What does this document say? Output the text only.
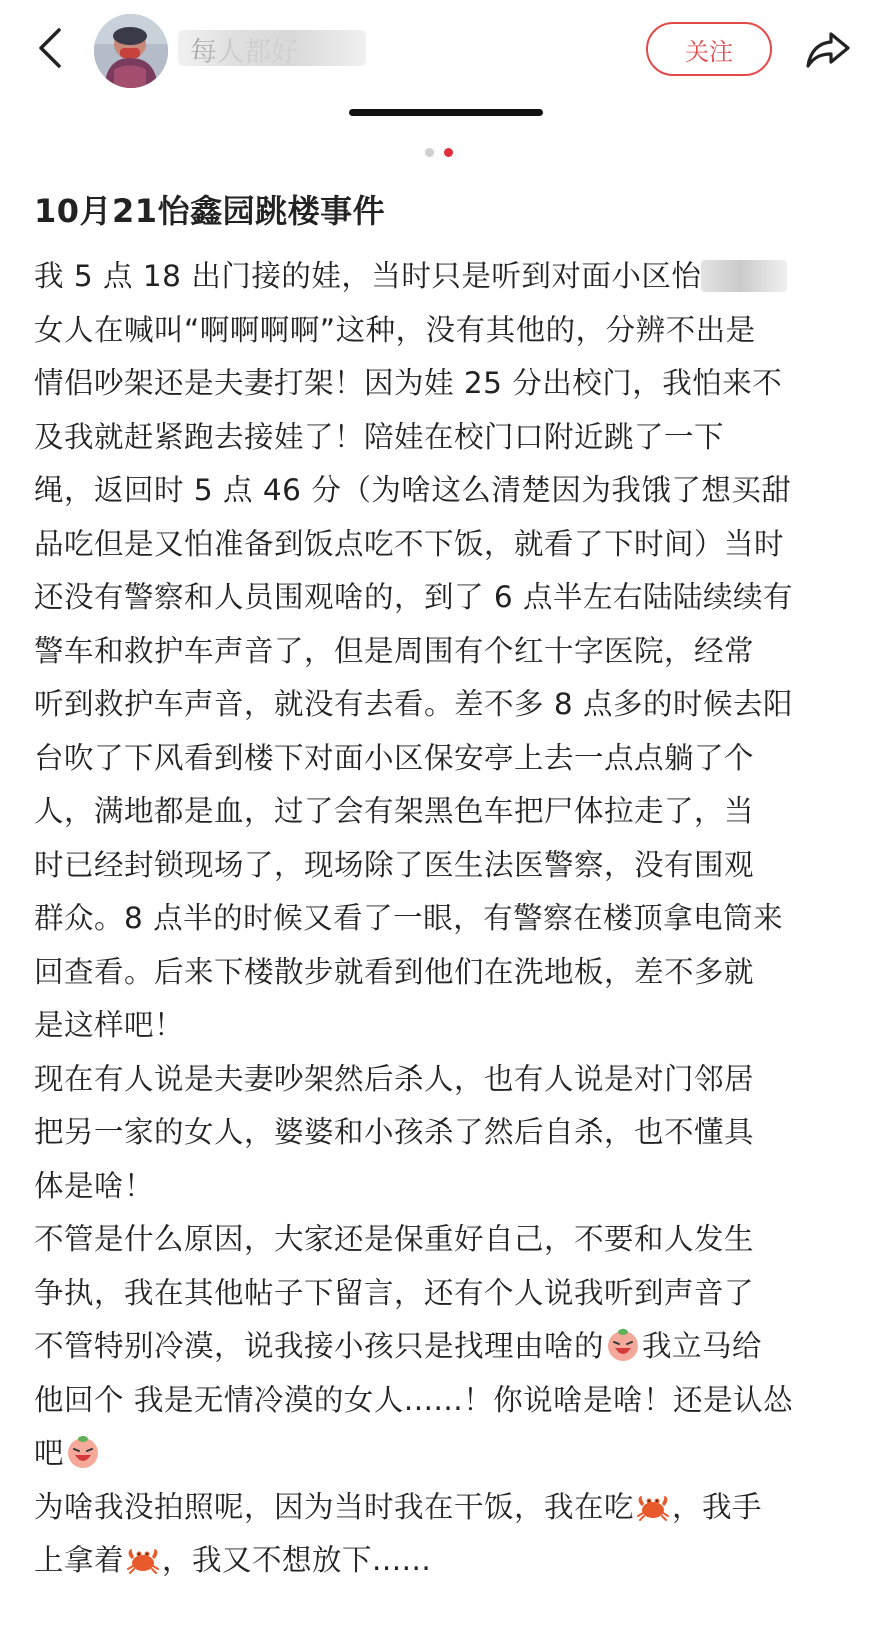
关注
10月21怡鑫园跳楼事件
我 5 点 18 出门接的娃，当时只是听到对面小区怡
女人在喊叫“啊啊啊啊”这种，没有其他的，分辨不出是
情侣吵架还是夫妻打架！因为娃 25 分出校门，我怕来不
及我就赶紧跑去接娃了！陪娃在校门口附近跳了一下
绳，返回时 5 点 46 分（为啥这么清楚因为我饿了想买甜
品吃但是又怕准备到饭点吃不下饭，就看了下时间）当时
还没有警察和人员围观啥的，到了 6 点半左右陆陆续续有
警车和救护车声音了，但是周围有个红十字医院，经常
听到救护车声音，就没有去看。差不多 8 点多的时候去阳
台吹了下风看到楼下对面小区保安亭上去一点点躺了个
人，满地都是血，过了会有架黑色车把尸体拉走了，当
时已经封锁现场了，现场除了医生法医警察，没有围观
群众。8 点半的时候又看了一眼，有警察在楼顶拿电筒来
回查看。后来下楼散步就看到他们在洗地板，差不多就
是这样吧！
现在有人说是夫妻吵架然后杀人，也有人说是对门邻居
把另一家的女人，婆婆和小孩杀了然后自杀，也不懂具
体是啥！
不管是什么原因，大家还是保重好自己，不要和人发生
争执，我在其他帖子下留言，还有个人说我听到声音了
不管特别冷漠，说我接小孩只是找理由啥的 我立马给
他回个 我是无情冷漠的女人......！你说啥是啥！还是认怂
吧
为啥我没拍照呢，因为当时我在干饭，我在吃 ，我手
上拿着 ，我又不想放下......
